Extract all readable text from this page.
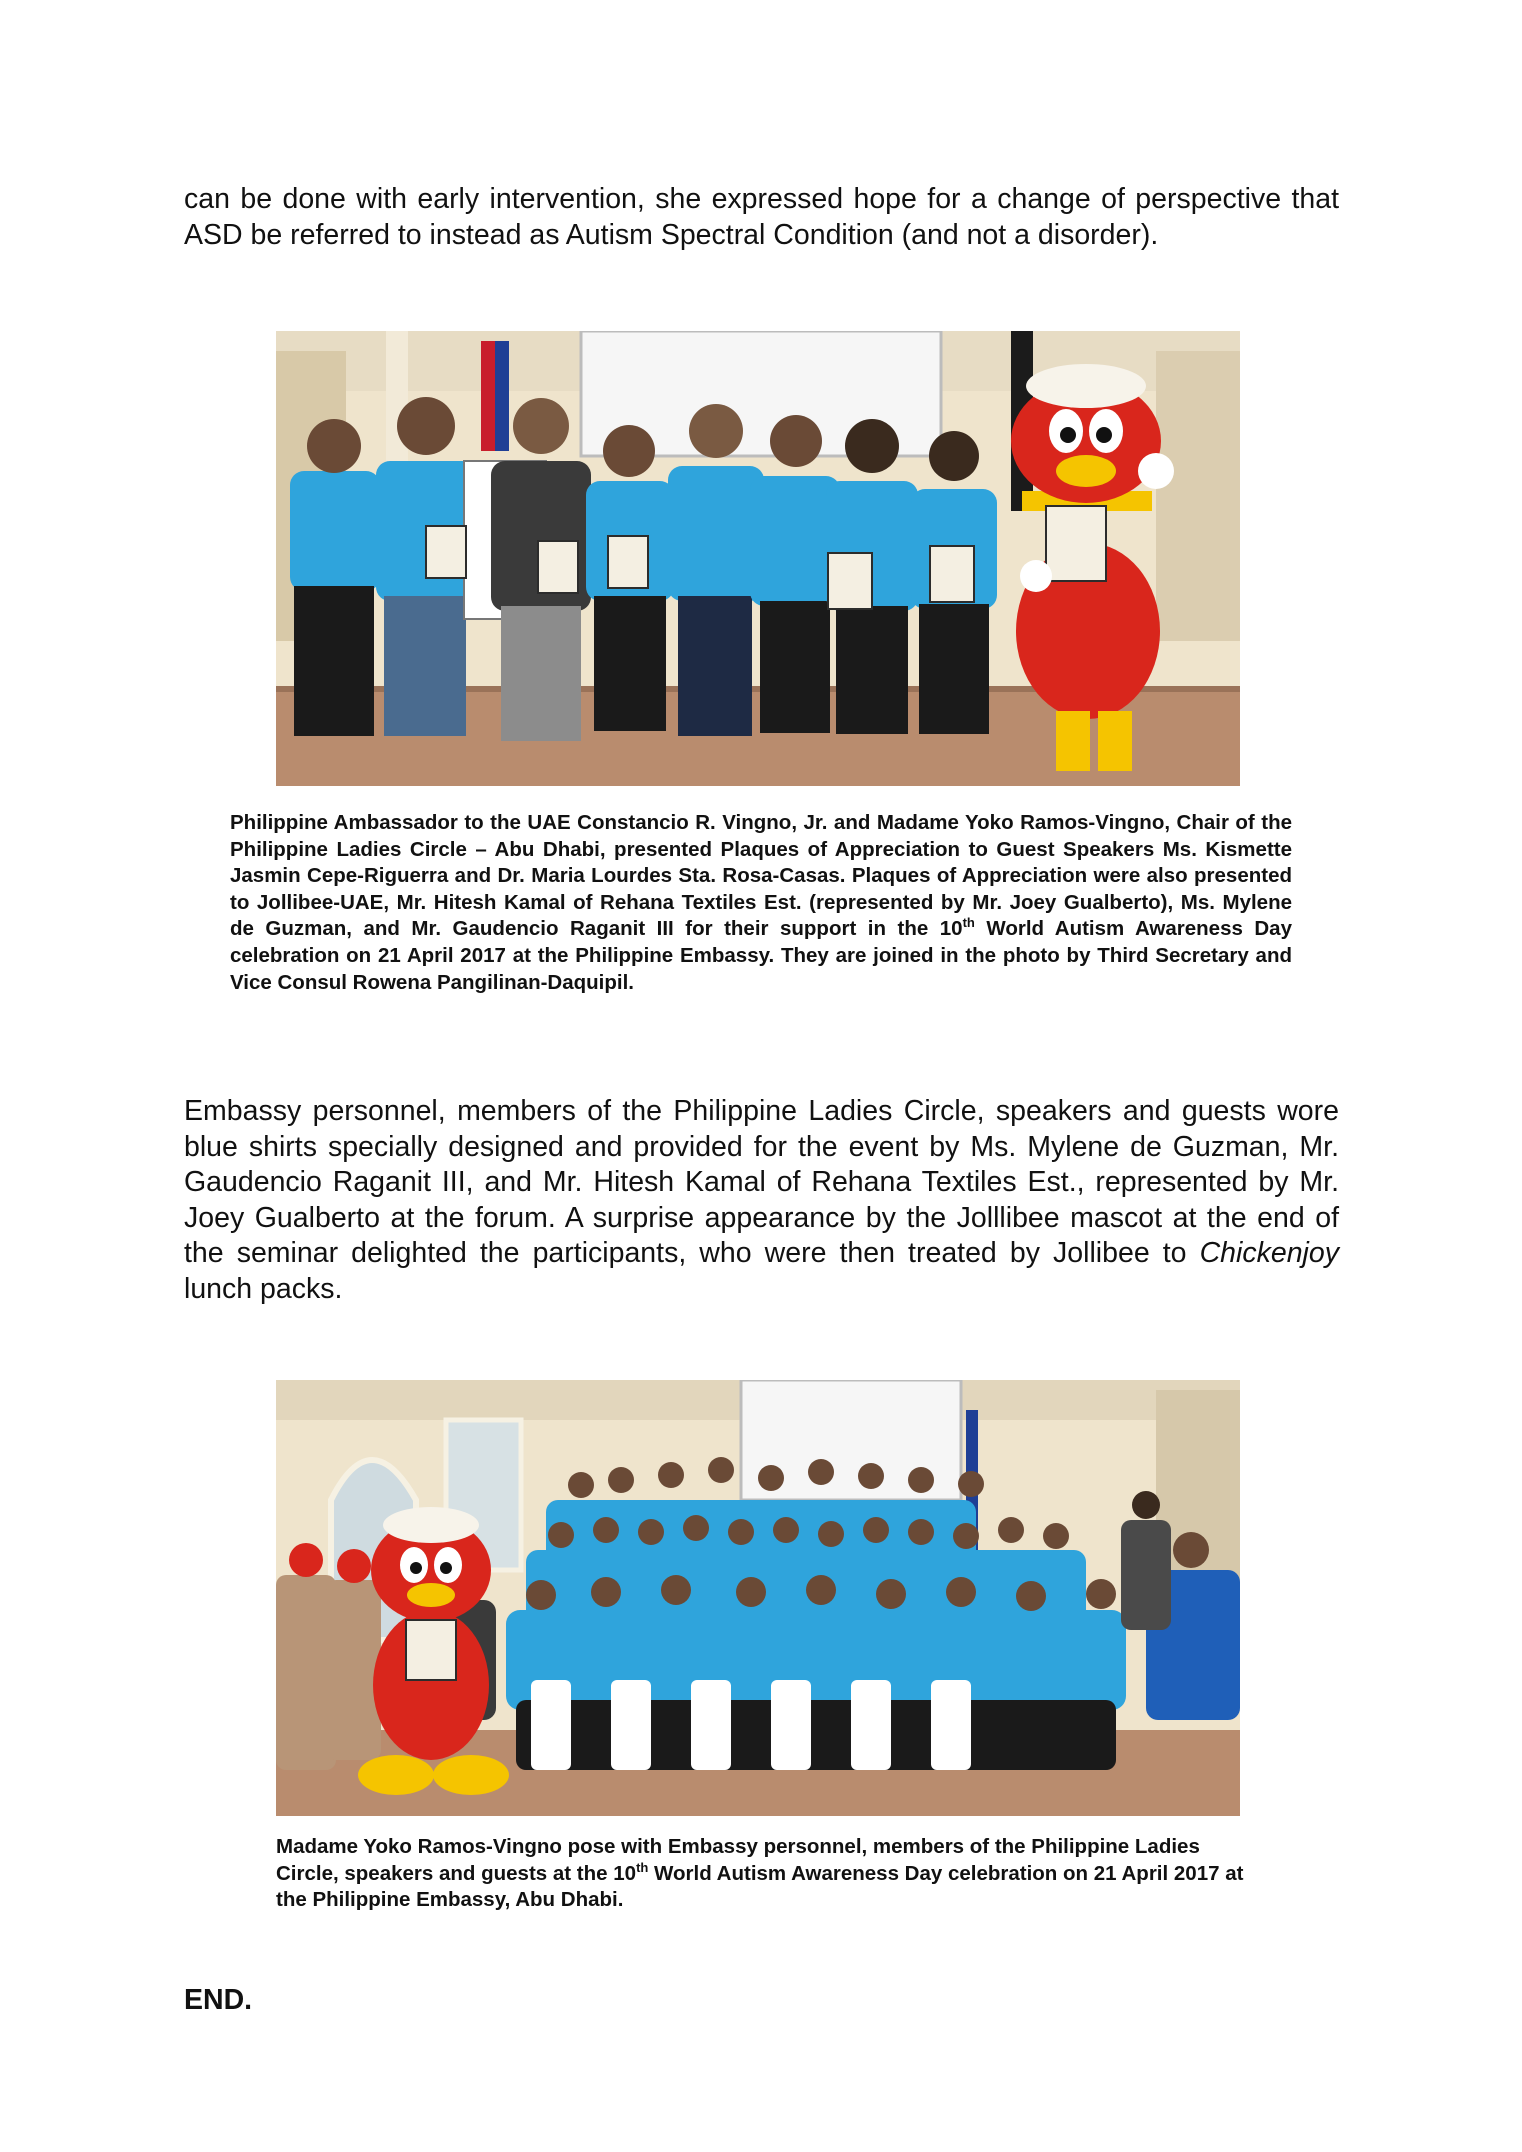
can be done with early intervention, she expressed hope for a change of perspective that ASD be referred to instead as Autism Spectral Condition (and not a disorder).

Philippine Ambassador to the UAE Constancio R. Vingno, Jr. and Madame Yoko Ramos-Vingno, Chair of the Philippine Ladies Circle – Abu Dhabi, presented Plaques of Appreciation to Guest Speakers Ms. Kismette Jasmin Cepe-Riguerra and Dr. Maria Lourdes Sta. Rosa-Casas. Plaques of Appreciation were also presented to Jollibee-UAE, Mr. Hitesh Kamal of Rehana Textiles Est. (represented by Mr. Joey Gualberto), Ms. Mylene de Guzman, and Mr. Gaudencio Raganit III for their support in the 10th World Autism Awareness Day celebration on 21 April 2017 at the Philippine Embassy. They are joined in the photo by Third Secretary and Vice Consul Rowena Pangilinan-Daquipil.

Embassy personnel, members of the Philippine Ladies Circle, speakers and guests wore blue shirts specially designed and provided for the event by Ms. Mylene de Guzman, Mr. Gaudencio Raganit III, and Mr. Hitesh Kamal of Rehana Textiles Est., represented by Mr. Joey Gualberto at the forum. A surprise appearance by the Jolllibee mascot at the end of the seminar delighted the participants, who were then treated by Jollibee to Chickenjoy lunch packs.

Madame Yoko Ramos-Vingno pose with Embassy personnel, members of the Philippine Ladies Circle, speakers and guests at the 10th World Autism Awareness Day celebration on 21 April 2017 at the Philippine Embassy, Abu Dhabi.

END.
